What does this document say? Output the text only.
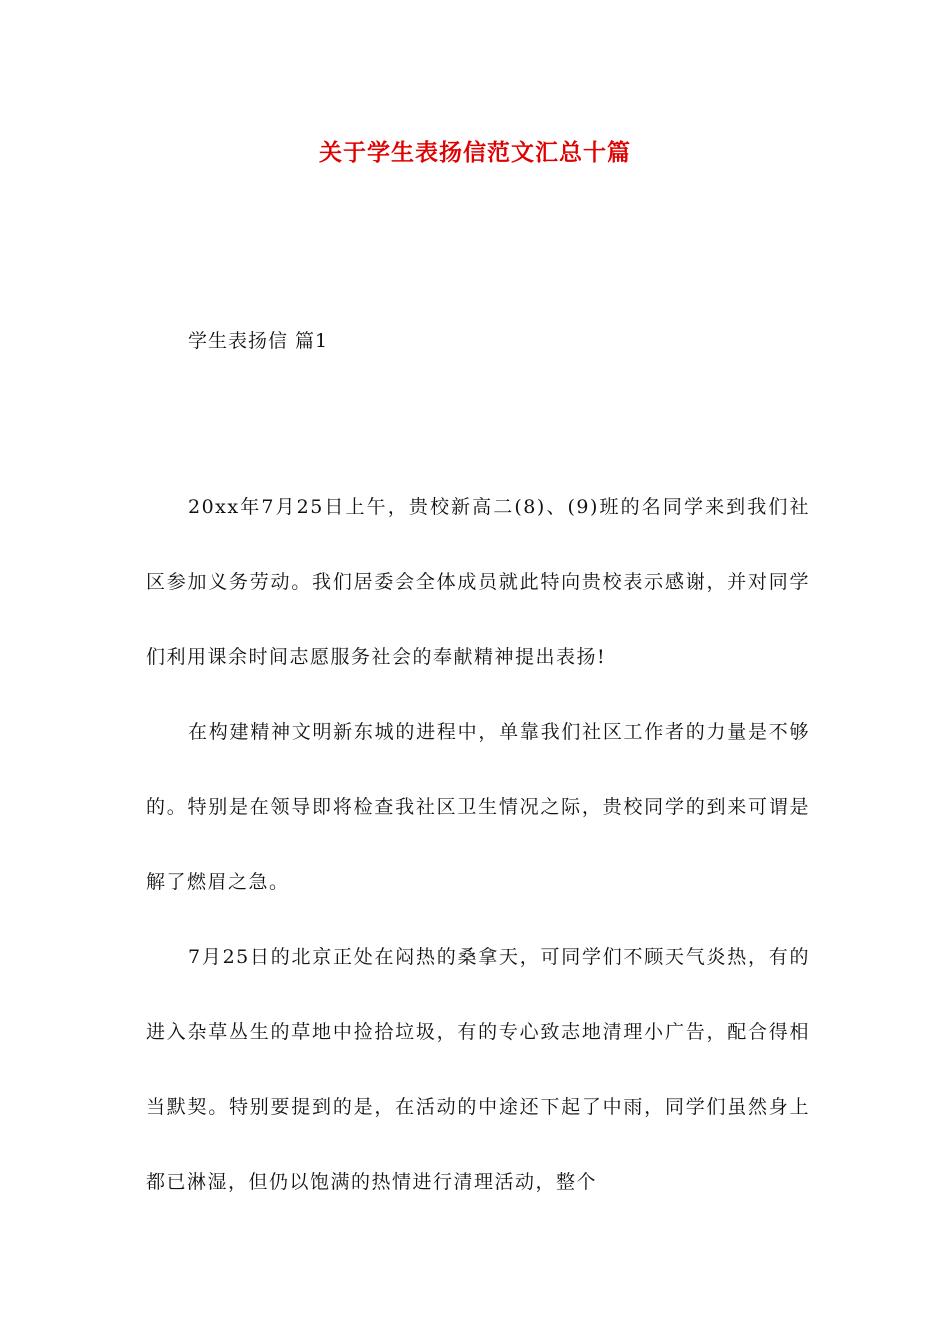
关于学生表扬信范文汇总十篇

学生表扬信 篇1

20xx年7月25日上午，贵校新高二(8)、(9)班的名同学来到我们社区参加义务劳动。我们居委会全体成员就此特向贵校表示感谢，并对同学们利用课余时间志愿服务社会的奉献精神提出表扬!

在构建精神文明新东城的进程中，单靠我们社区工作者的力量是不够的。特别是在领导即将检查我社区卫生情况之际，贵校同学的到来可谓是解了燃眉之急。

7月25日的北京正处在闷热的桑拿天，可同学们不顾天气炎热，有的进入杂草丛生的草地中捡拾垃圾，有的专心致志地清理小广告，配合得相当默契。特别要提到的是，在活动的中途还下起了中雨，同学们虽然身上都已淋湿，但仍以饱满的热情进行清理活动，整个
